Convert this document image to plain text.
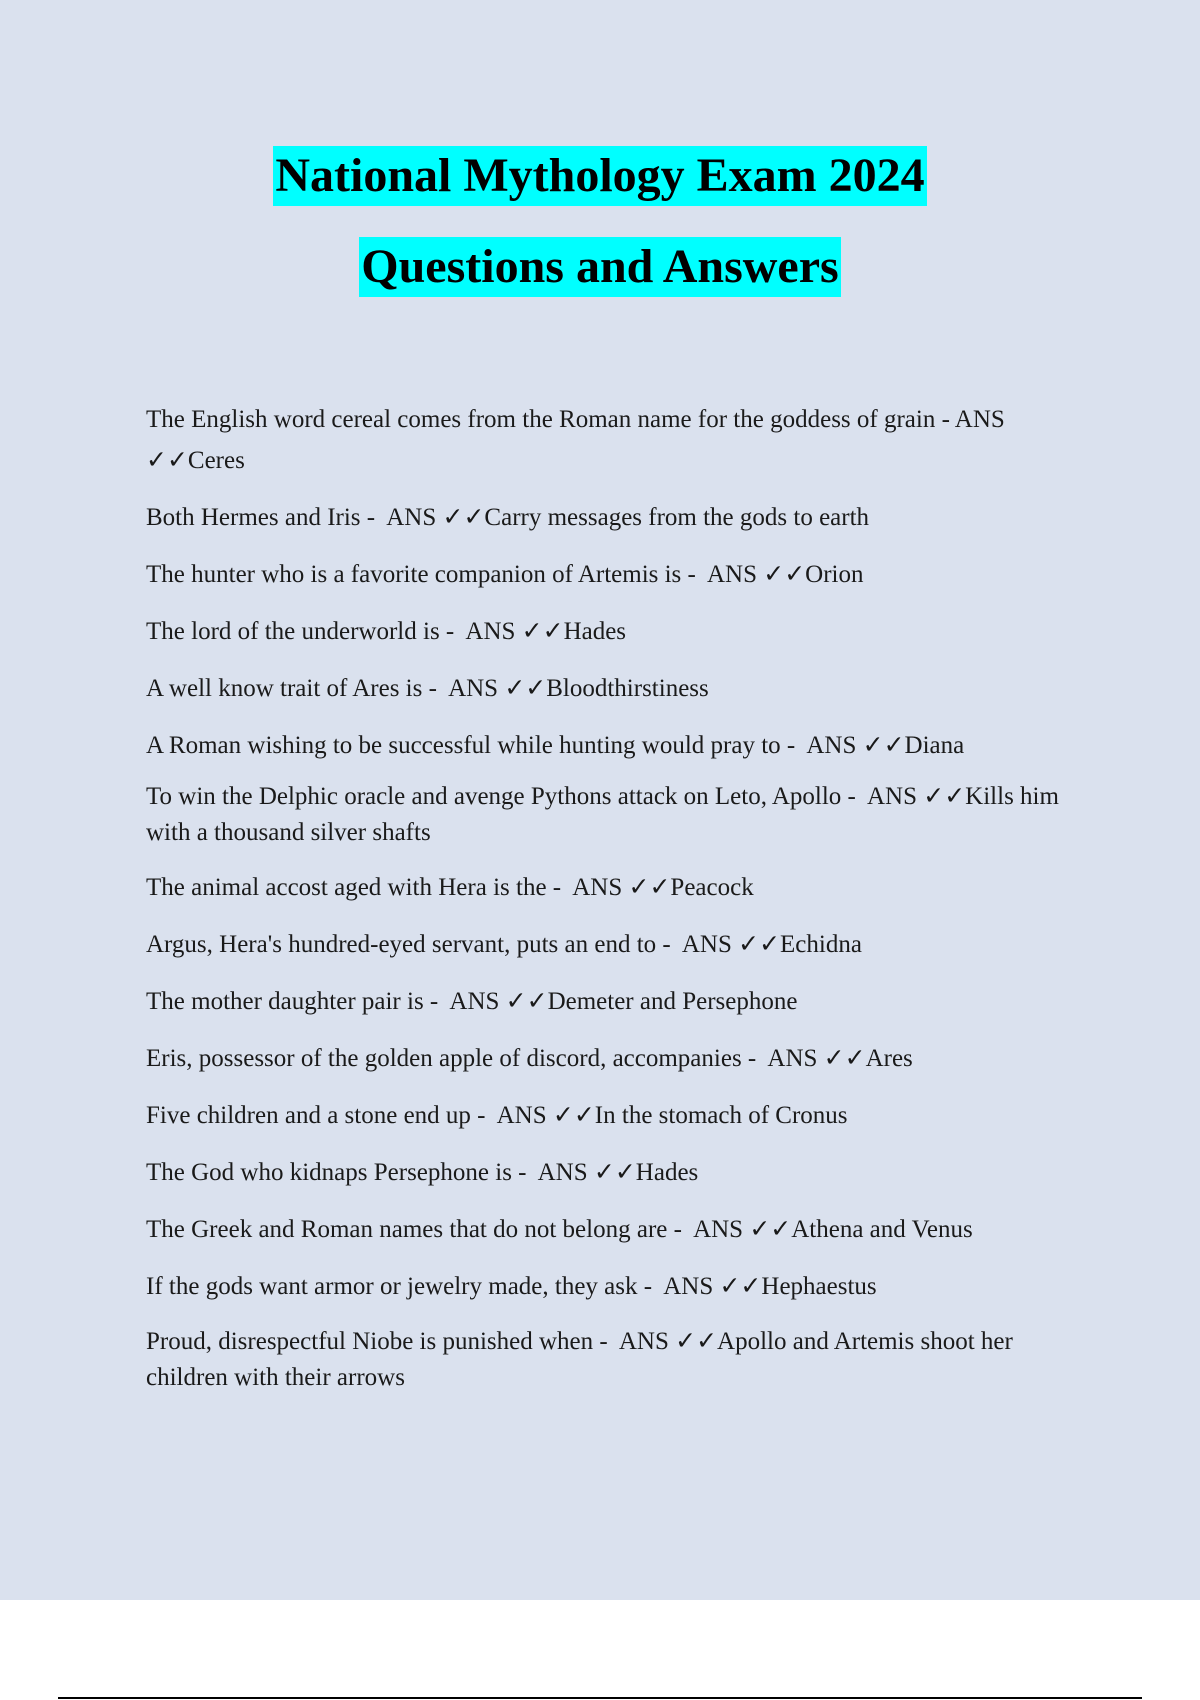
National Mythology Exam 2024
Questions and Answers
The English word cereal comes from the Roman name for the goddess of grain - ANS ✓✓Ceres
Both Hermes and Iris -  ANS ✓✓Carry messages from the gods to earth
The hunter who is a favorite companion of Artemis is -  ANS ✓✓Orion
The lord of the underworld is -  ANS ✓✓Hades
A well know trait of Ares is -  ANS ✓✓Bloodthirstiness
A Roman wishing to be successful while hunting would pray to -  ANS ✓✓Diana
To win the Delphic oracle and avenge Pythons attack on Leto, Apollo -  ANS ✓✓Kills him with a thousand silver shafts
The animal accost aged with Hera is the -  ANS ✓✓Peacock
Argus, Hera's hundred-eyed servant, puts an end to -  ANS ✓✓Echidna
The mother daughter pair is -  ANS ✓✓Demeter and Persephone
Eris, possessor of the golden apple of discord, accompanies -  ANS ✓✓Ares
Five children and a stone end up -  ANS ✓✓In the stomach of Cronus
The God who kidnaps Persephone is -  ANS ✓✓Hades
The Greek and Roman names that do not belong are -  ANS ✓✓Athena and Venus
If the gods want armor or jewelry made, they ask -  ANS ✓✓Hephaestus
Proud, disrespectful Niobe is punished when -  ANS ✓✓Apollo and Artemis shoot her children with their arrows
